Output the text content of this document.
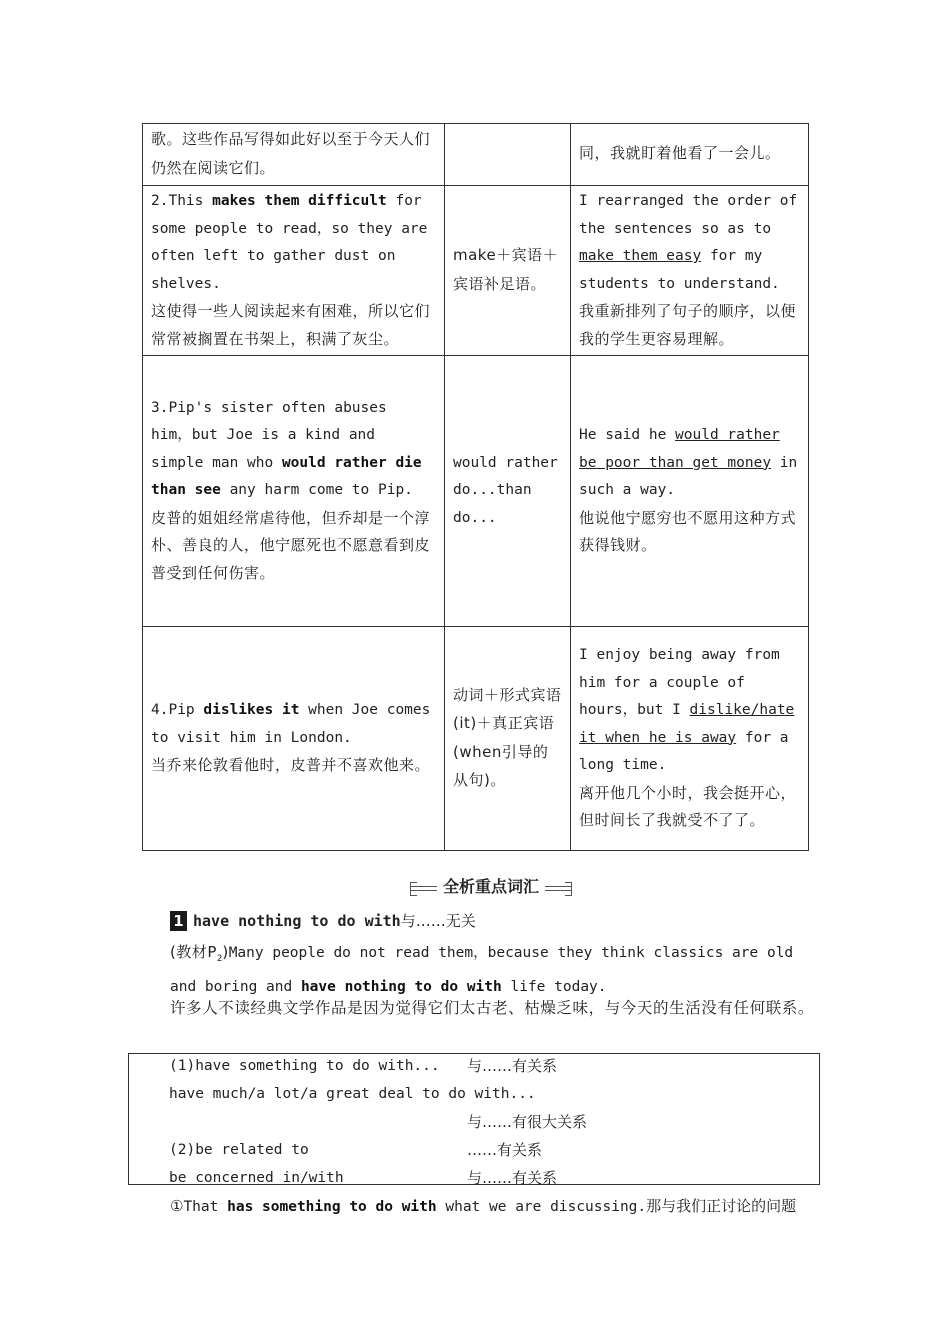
歌。这些作品写得如此好以至于今天人们仍然在阅读它们。		同，我就盯着他看了一会儿。
2.This makes them difficult for some people to read，so they are often left to gather dust on shelves.
这使得一些人阅读起来有困难，所以它们常常被搁置在书架上，积满了灰尘。	make＋宾语＋宾语补足语。	I rearranged the order of the sentences so as to make them easy for my students to understand.
我重新排列了句子的顺序，以便我的学生更容易理解。

3.Pip's sister often abuses him，but Joe is a kind and simple man who would rather die than see any harm come to Pip.
皮普的姐姐经常虐待他，但乔却是一个淳朴、善良的人，他宁愿死也不愿意看到皮普受到任何伤害。	would rather do...than do...	He said he would rather be poor than get money in such a way.
他说他宁愿穷也不愿用这种方式获得钱财。

4.Pip dislikes it when Joe comes to visit him in London.
当乔来伦敦看他时，皮普并不喜欢他来。	动词＋形式宾语(it)＋真正宾语(when引导的从句)。	I enjoy being away from him for a couple of hours，but I dislike/hate it when he is away for a long time.
离开他几个小时，我会挺开心，但时间长了我就受不了了。
全析重点词汇
1 have nothing to do with 与……无关
(教材$P_2)Many$ people do not read them，because they think classics are old and boring and have nothing to do with life today.
许多人不读经典文学作品是因为觉得它们太古老、枯燥乏味，与今天的生活没有任何联系。
(1)have something to do with... 与……有关系
have much/a lot/a great deal to do with...
与……有很大关系
(2)be related to	……有关系
be concerned in/with	与……有关系
①That has something to do with what we are discussing.那与我们正讨论的问题
